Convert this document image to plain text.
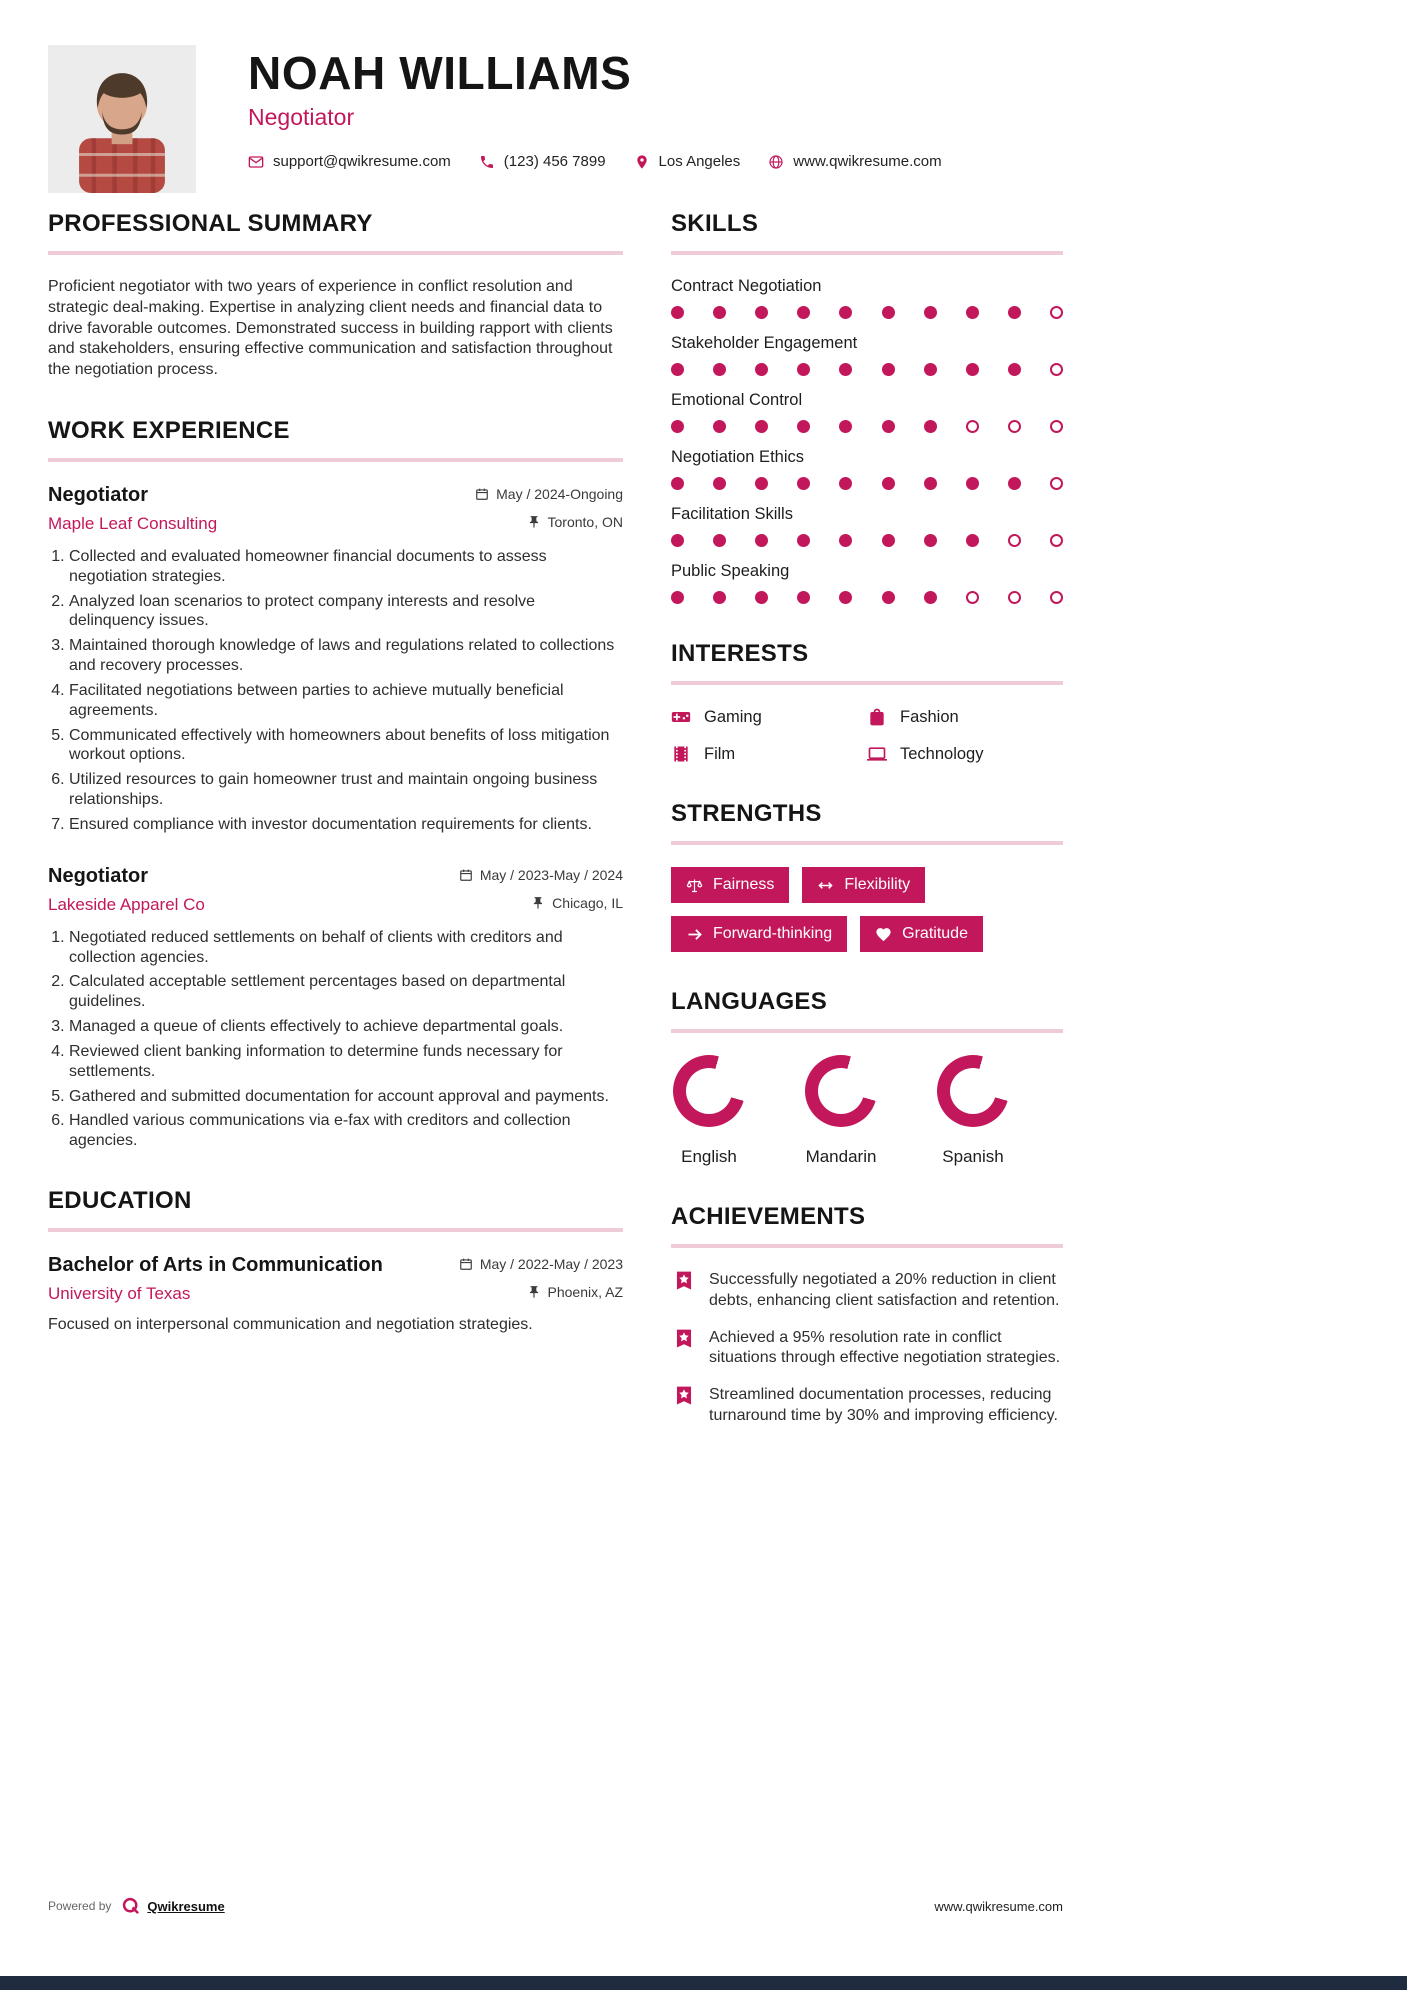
NOAH WILLIAMS
Negotiator
support@qwikresume.com	(123) 456 7899	Los Angeles	www.qwikresume.com
PROFESSIONAL SUMMARY

Proficient negotiator with two years of experience in conflict resolution and strategic deal-making. Expertise in analyzing client needs and financial data to drive favorable outcomes. Demonstrated success in building rapport with clients and stakeholders, ensuring effective communication and satisfaction throughout the negotiation process.

WORK EXPERIENCE
Negotiator	May / 2024-Ongoing
Maple Leaf Consulting	Toronto, ON
1. Collected and evaluated homeowner financial documents to assess negotiation strategies.
2. Analyzed loan scenarios to protect company interests and resolve delinquency issues.
3. Maintained thorough knowledge of laws and regulations related to collections and recovery processes.
4. Facilitated negotiations between parties to achieve mutually beneficial agreements.
5. Communicated effectively with homeowners about benefits of loss mitigation workout options.
6. Utilized resources to gain homeowner trust and maintain ongoing business relationships.
7. Ensured compliance with investor documentation requirements for clients.
Negotiator	May / 2023-May / 2024
Lakeside Apparel Co	Chicago, IL
1. Negotiated reduced settlements on behalf of clients with creditors and collection agencies.
2. Calculated acceptable settlement percentages based on departmental guidelines.
3. Managed a queue of clients effectively to achieve departmental goals.
4. Reviewed client banking information to determine funds necessary for settlements.
5. Gathered and submitted documentation for account approval and payments.
6. Handled various communications via e-fax with creditors and collection agencies.
EDUCATION
Bachelor of Arts in Communication	May / 2022-May / 2023
University of Texas	Phoenix, AZ

Focused on interpersonal communication and negotiation strategies.

SKILLS
Contract Negotiation
Stakeholder Engagement
Emotional Control
Negotiation Ethics
Facilitation Skills
Public Speaking
INTERESTS
Gaming	Fashion
Film	Technology
STRENGTHS
Fairness	Flexibility
Forward-thinking	Gratitude
LANGUAGES
English	Mandarin	Spanish
ACHIEVEMENTS

Successfully negotiated a 20% reduction in client debts, enhancing client satisfaction and retention.

Achieved a 95% resolution rate in conflict situations through effective negotiation strategies.

Streamlined documentation processes, reducing turnaround time by 30% and improving efficiency.

Powered by	Qwikresume	www.qwikresume.com
